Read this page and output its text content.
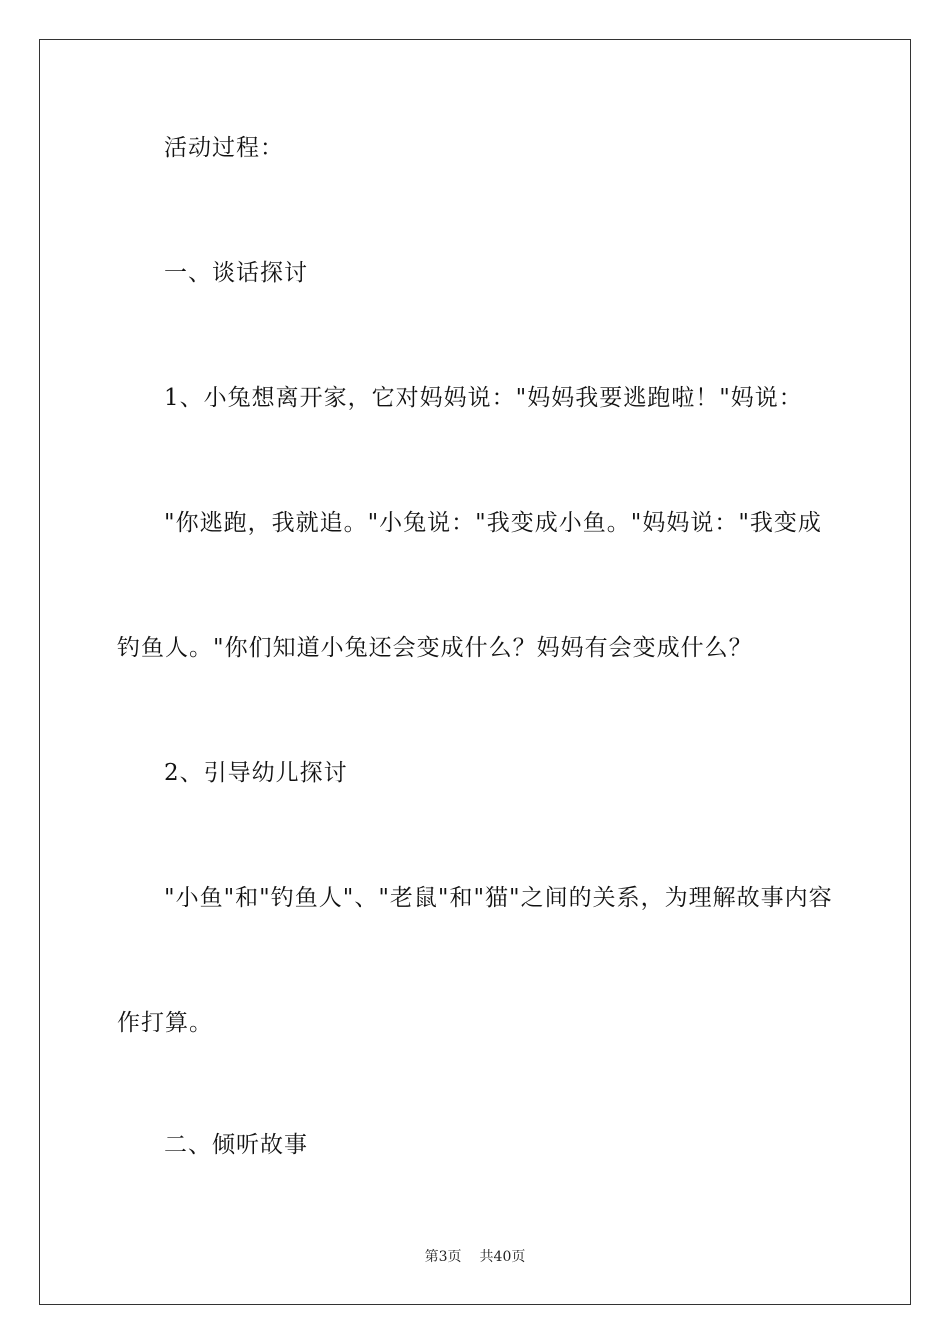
活动过程：
一、谈话探讨
1、小兔想离开家，它对妈妈说："妈妈我要逃跑啦！"妈说：
"你逃跑，我就追。"小兔说："我变成小鱼。"妈妈说："我变成
钓鱼人。"你们知道小兔还会变成什么？妈妈有会变成什么？
2、引导幼儿探讨
"小鱼"和"钓鱼人"、"老鼠"和"猫"之间的关系，为理解故事内容
作打算。
二、倾听故事
第3页 共40页
